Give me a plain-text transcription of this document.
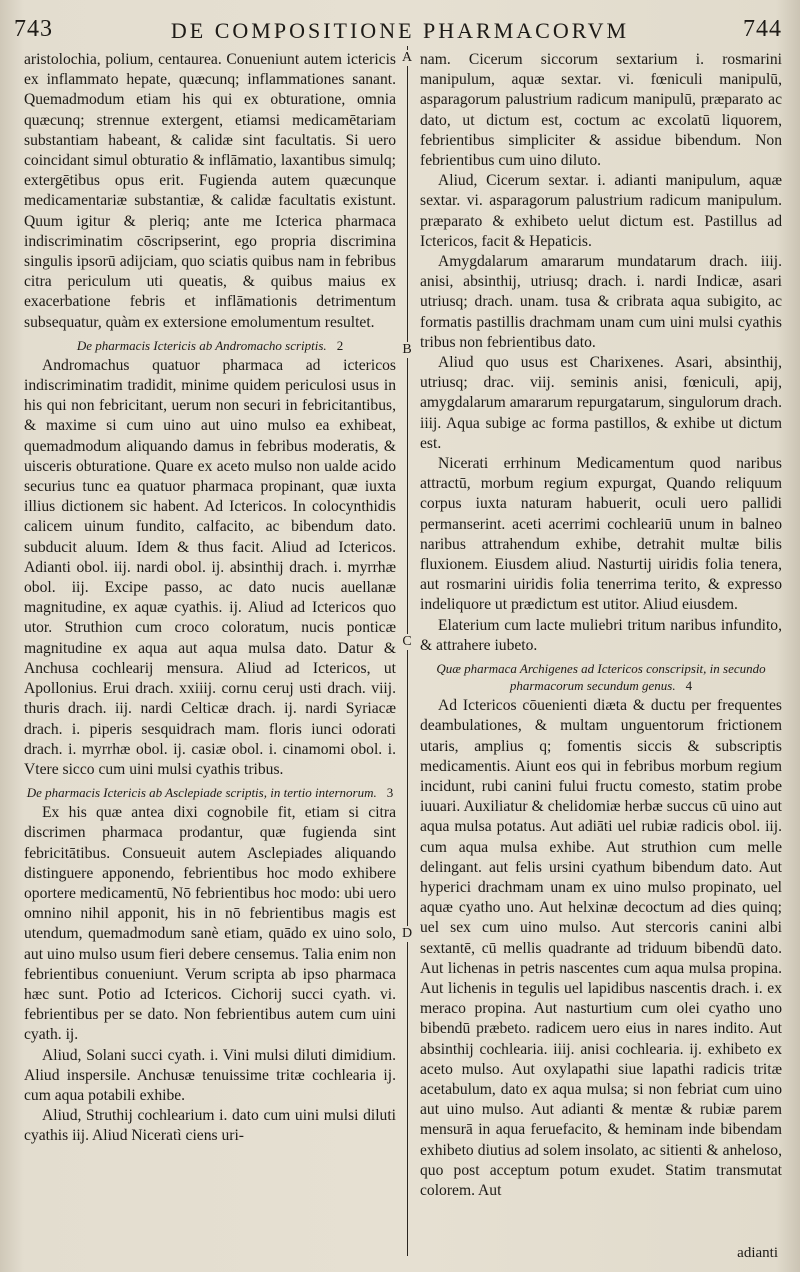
743	DE COMPOSITIONE PHARMACORVM	744
A
B
C
D

aristolochia, polium, centaurea. Conueniunt autem ictericis ex inflammato hepate, quæcunq; inflammationes sanant. Quemadmodum etiam his qui ex obturatione, omnia quæcunq; strennue extergent, etiamsi medicamētariam substantiam habeant, & calidæ sint facultatis. Si uero coincidant simul obturatio & inflāmatio, laxantibus simulq; extergētibus opus erit. Fugienda autem quæcunque medicamentariæ substantiæ, & calidæ facultatis existunt. Quum igitur & pleriq; ante me Icterica pharmaca indiscriminatim cōscripserint, ego propria discrimina singulis ipsorū adijciam, quo sciatis quibus nam in febribus citra periculum uti queatis, & quibus maius ex exacerbatione febris et inflāmationis detrimentum subsequatur, quàm ex extersione emolumentum resultet.

De pharmacis Ictericis ab Andromacho scriptis. 2

Andromachus quatuor pharmaca ad ictericos indiscriminatim tradidit, minime quidem periculosi usus in his qui non febricitant, uerum non securi in febricitantibus, & maxime si cum uino aut uino mulso ea exhibeat, quemadmodum aliquando damus in febribus moderatis, & uisceris obturatione. Quare ex aceto mulso non ualde acido securius tunc ea quatuor pharmaca propinant, quæ iuxta illius dictionem sic habent. Ad Ictericos. In colocynthidis calicem uinum fundito, calfacito, ac bibendum dato. subducit aluum. Idem & thus facit. Aliud ad Ictericos. Adianti obol. iij. nardi obol. ij. absinthij drach. i. myrrhæ obol. iij. Excipe passo, ac dato nucis auellanæ magnitudine, ex aquæ cyathis. ij. Aliud ad Ictericos quo utor. Struthion cum croco coloratum, nucis ponticæ magnitudine ex aqua aut aqua mulsa dato. Datur & Anchusa cochlearij mensura. Aliud ad Ictericos, ut Apollonius. Erui drach. xxiiij. cornu ceruj usti drach. viij. thuris drach. iij. nardi Celticæ drach. ij. nardi Syriacæ drach. i. piperis sesquidrach mam. floris iunci odorati drach. i. myrrhæ obol. ij. casiæ obol. i. cinamomi obol. i. Vtere sicco cum uini mulsi cyathis tribus.

De pharmacis Ictericis ab Asclepiade scriptis, in tertio internorum. 3

Ex his quæ antea dixi cognobile fit, etiam si citra discrimen pharmaca prodantur, quæ fugienda sint febricitātibus. Consueuit autem Asclepiades aliquando distinguere apponendo, febrientibus hoc modo exhibere oportere medicamentū, Nō febrientibus hoc modo: ubi uero omnino nihil apponit, his in nō febrientibus magis est utendum, quemadmodum sanè etiam, quādo ex uino solo, aut uino mulso usum fieri debere censemus. Talia enim non febrientibus conueniunt. Verum scripta ab ipso pharmaca hæc sunt. Potio ad Ictericos. Cichorij succi cyath. vi. febrientibus per se dato. Non febrientibus autem cum uini cyath. ij.

Aliud, Solani succi cyath. i. Vini mulsi diluti dimidium. Aliud inspersile. Anchusæ tenuissime tritæ cochlearia ij. cum aqua potabili exhibe.

Aliud, Struthij cochlearium i. dato cum uini mulsi diluti cyathis iij. Aliud Niceratì ciens uri-

nam. Cicerum siccorum sextarium i. rosmarini manipulum, aquæ sextar. vi. fœniculi manipulū, asparagorum palustrium radicum manipulū, præparato ac dato, ut dictum est, coctum ac excolatū liquorem, febrientibus simpliciter & assidue bibendum. Non febrientibus cum uino diluto.

Aliud, Cicerum sextar. i. adianti manipulum, aquæ sextar. vi. asparagorum palustrium radicum manipulum. præparato & exhibeto uelut dictum est. Pastillus ad Ictericos, facit & Hepaticis.

Amygdalarum amararum mundatarum drach. iiij. anisi, absinthij, utriusq; drach. i. nardi Indicæ, asari utriusq; drach. unam. tusa & cribrata aqua subigito, ac formatis pastillis drachmam unam cum uini mulsi cyathis tribus non febrientibus dato.

Aliud quo usus est Charixenes. Asari, absinthij, utriusq; drac. viij. seminis anisi, fœniculi, apij, amygdalarum amararum repurgatarum, singulorum drach. iiij. Aqua subige ac forma pastillos, & exhibe ut dictum est.

Nicerati errhinum Medicamentum quod naribus attractū, morbum regium expurgat, Quando reliquum corpus iuxta naturam habuerit, oculi uero pallidi permanserint. aceti acerrimi cochleariū unum in balneo naribus attrahendum exhibe, detrahit multæ bilis fluxionem. Eiusdem aliud. Nasturtij uiridis folia tenera, aut rosmarini uiridis folia tenerrima terito, & expresso indeliquore ut prædictum est utitor. Aliud eiusdem.

Elaterium cum lacte muliebri tritum naribus infundito, & attrahere iubeto.

Quæ pharmaca Archigenes ad Ictericos conscripsit, in secundo pharmacorum secundum genus. 4

Ad Ictericos cōuenienti diæta & ductu per frequentes deambulationes, & multam unguentorum frictionem utaris, amplius q; fomentis siccis & subscriptis medicamentis. Aiunt eos qui in febribus morbum regium incidunt, rubi canini fului fructu comesto, statim probe iuuari. Auxiliatur & chelidomiæ herbæ succus cū uino aut aqua mulsa potatus. Aut adiāti uel rubiæ radicis obol. iij. cum aqua mulsa exhibe. Aut struthion cum melle delingant. aut felis ursini cyathum bibendum dato. Aut hyperici drachmam unam ex uino mulso propinato, uel aquæ cyatho uno. Aut helxinæ decoctum ad dies quinq; uel sex cum uino mulso. Aut stercoris canini albi sextantē, cū mellis quadrante ad triduum bibendū dato. Aut lichenas in petris nascentes cum aqua mulsa propina. Aut lichenis in tegulis uel lapidibus nascentis drach. i. ex meraco propina. Aut nasturtium cum olei cyatho uno bibendū præbeto. radicem uero eius in nares indito. Aut absinthij cochlearia. iiij. anisi cochlearia. ij. exhibeto ex aceto mulso. Aut oxylapathi siue lapathi radicis tritæ acetabulum, dato ex aqua mulsa; si non febriat cum uino aut uino mulso. Aut adianti & mentæ & rubiæ parem mensurā in aqua feruefacito, & heminam inde bibendam exhibeto diutius ad solem insolato, ac sitienti & anheloso, quo post acceptum potum exudet. Statim transmutat colorem. Aut

adianti
